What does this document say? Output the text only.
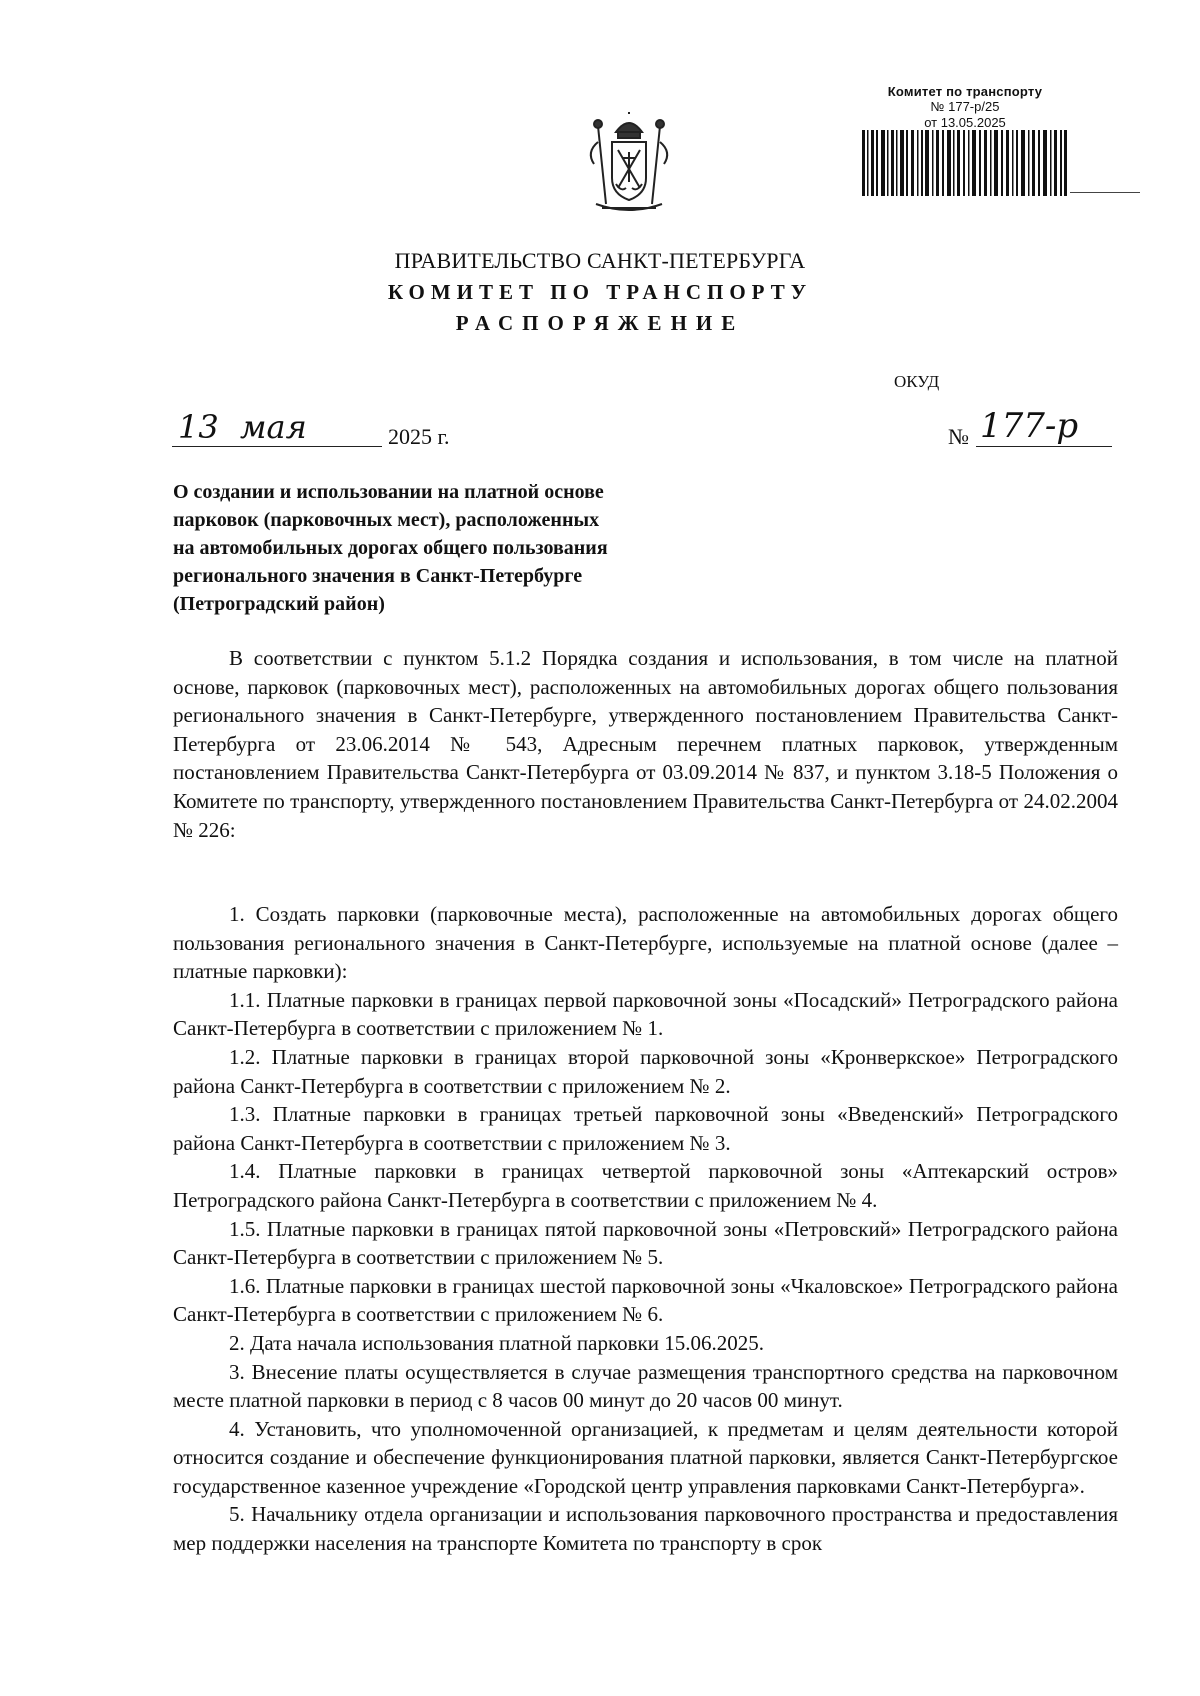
Комитет по транспорту
№ 177-р/25
от 13.05.2025
ПРАВИТЕЛЬСТВО САНКТ-ПЕТЕРБУРГА
КОМИТЕТ ПО ТРАНСПОРТУ
РАСПОРЯЖЕНИЕ
ОКУД
13 мая	2025 г.	№ 177-р
О создании и использовании на платной основе
парковок (парковочных мест), расположенных
на автомобильных дорогах общего пользования
регионального значения в Санкт-Петербурге
(Петроградский район)

В соответствии с пунктом 5.1.2 Порядка создания и использования, в том числе на платной основе, парковок (парковочных мест), расположенных на автомобильных дорогах общего пользования регионального значения в Санкт-Петербурге, утвержденного постановлением Правительства Санкт-Петербурга от 23.06.2014 № 543, Адресным перечнем платных парковок, утвержденным постановлением Правительства Санкт-Петербурга от 03.09.2014 № 837, и пунктом 3.18-5 Положения о Комитете по транспорту, утвержденного постановлением Правительства Санкт-Петербурга от 24.02.2004 № 226:

1. Создать парковки (парковочные места), расположенные на автомобильных дорогах общего пользования регионального значения в Санкт-Петербурге, используемые на платной основе (далее – платные парковки):

1.1. Платные парковки в границах первой парковочной зоны «Посадский» Петроградского района Санкт-Петербурга в соответствии с приложением № 1.

1.2. Платные парковки в границах второй парковочной зоны «Кронверкское» Петроградского района Санкт-Петербурга в соответствии с приложением № 2.

1.3. Платные парковки в границах третьей парковочной зоны «Введенский» Петроградского района Санкт-Петербурга в соответствии с приложением № 3.

1.4. Платные парковки в границах четвертой парковочной зоны «Аптекарский остров» Петроградского района Санкт-Петербурга в соответствии с приложением № 4.

1.5. Платные парковки в границах пятой парковочной зоны «Петровский» Петроградского района Санкт-Петербурга в соответствии с приложением № 5.

1.6. Платные парковки в границах шестой парковочной зоны «Чкаловское» Петроградского района Санкт-Петербурга в соответствии с приложением № 6.

2. Дата начала использования платной парковки 15.06.2025.

3. Внесение платы осуществляется в случае размещения транспортного средства на парковочном месте платной парковки в период с 8 часов 00 минут до 20 часов 00 минут.

4. Установить, что уполномоченной организацией, к предметам и целям деятельности которой относится создание и обеспечение функционирования платной парковки, является Санкт-Петербургское государственное казенное учреждение «Городской центр управления парковками Санкт-Петербурга».

5. Начальнику отдела организации и использования парковочного пространства и предоставления мер поддержки населения на транспорте Комитета по транспорту в срок
